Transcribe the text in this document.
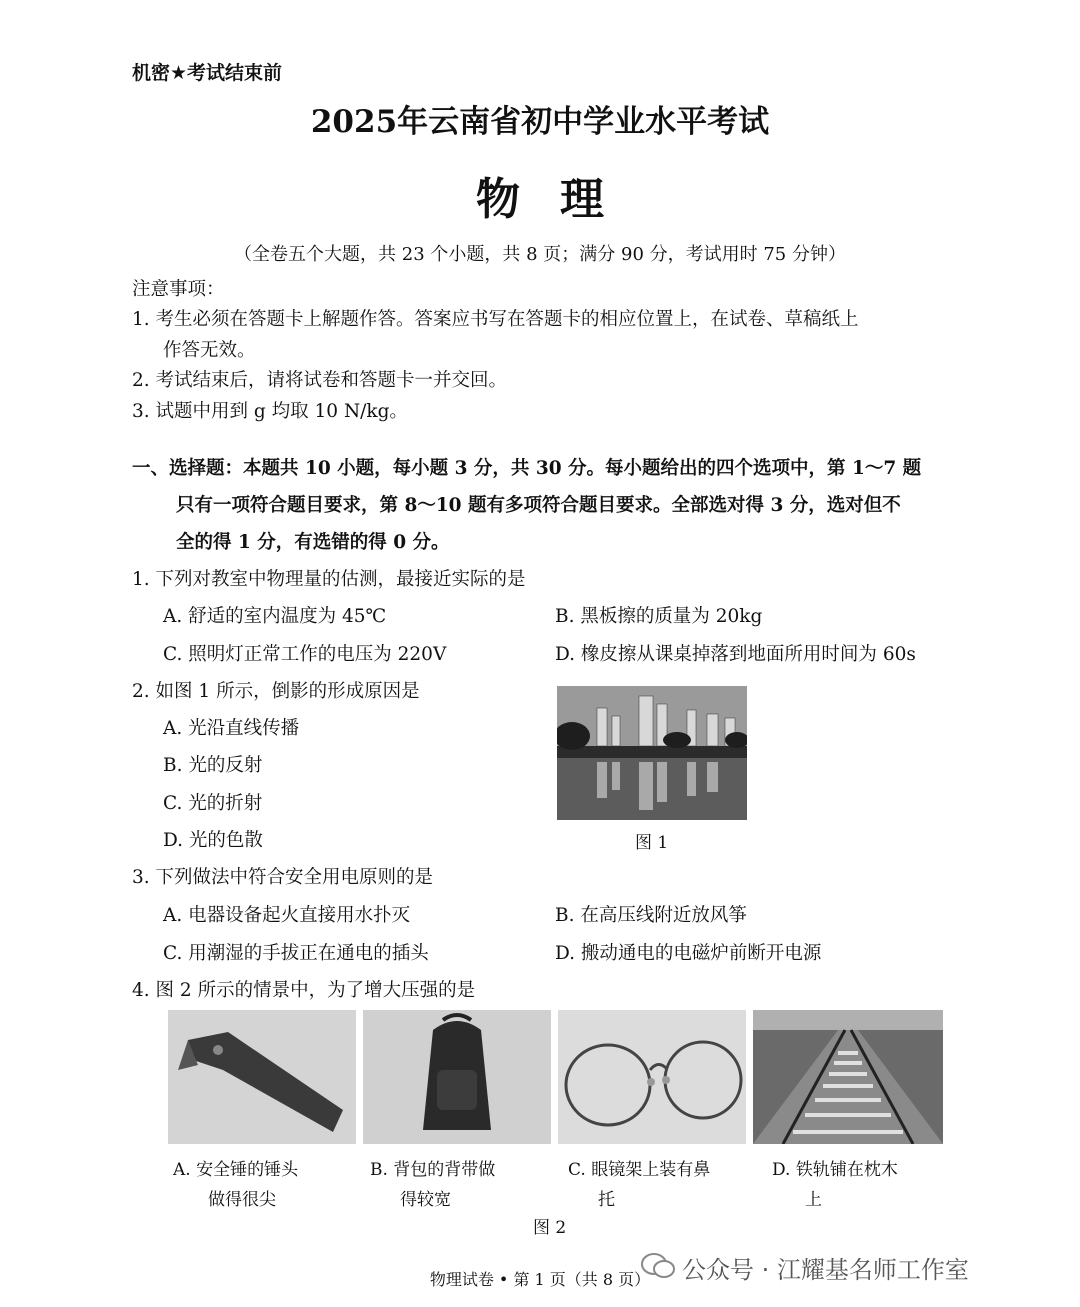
机密★考试结束前
2025年云南省初中学业水平考试
物理
（全卷五个大题，共 23 个小题，共 8 页；满分 90 分，考试用时 75 分钟）
注意事项：
1. 考生必须在答题卡上解题作答。答案应书写在答题卡的相应位置上，在试卷、草稿纸上
作答无效。
2. 考试结束后，请将试卷和答题卡一并交回。
3. 试题中用到 g 均取 10 N/kg。
一、选择题：本题共 10 小题，每小题 3 分，共 30 分。每小题给出的四个选项中，第 1～7 题
只有一项符合题目要求，第 8～10 题有多项符合题目要求。全部选对得 3 分，选对但不
全的得 1 分，有选错的得 0 分。
1. 下列对教室中物理量的估测，最接近实际的是
A. 舒适的室内温度为 45℃	B. 黑板擦的质量为 20kg
C. 照明灯正常工作的电压为 220V	D. 橡皮擦从课桌掉落到地面所用时间为 60s
2. 如图 1 所示，倒影的形成原因是
A. 光沿直线传播
B. 光的反射
C. 光的折射
D. 光的色散	图 1
3. 下列做法中符合安全用电原则的是
A. 电器设备起火直接用水扑灭	B. 在高压线附近放风筝
C. 用潮湿的手拔正在通电的插头	D. 搬动通电的电磁炉前断开电源
4. 图 2 所示的情景中，为了增大压强的是
A. 安全锤的锤头
做得很尖
B. 背包的背带做
得较宽
C. 眼镜架上装有鼻
托
D. 铁轨铺在枕木
上
图 2
物理试卷 • 第 1 页（共 8 页）	公众号 · 江耀基名师工作室
